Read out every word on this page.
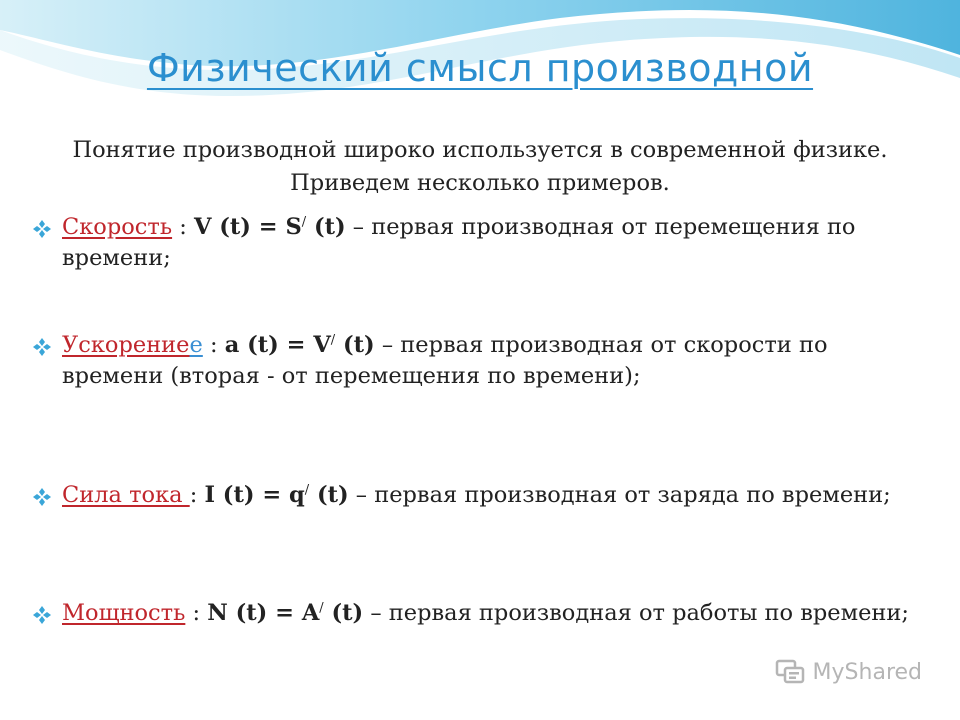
Физический смысл производной
Понятие производной широко используется в современной физике. Приведем несколько примеров.
Скорость : V (t) = S/ (t) – первая производная от перемещения по времени;
Ускорениее : a (t) = V/ (t) – первая производная от скорости по времени (вторая - от перемещения по времени);
Сила тока : I (t) = q/ (t) – первая производная от заряда по времени;
Мощность : N (t) = A/ (t) – первая производная от работы по времени;
MyShared
